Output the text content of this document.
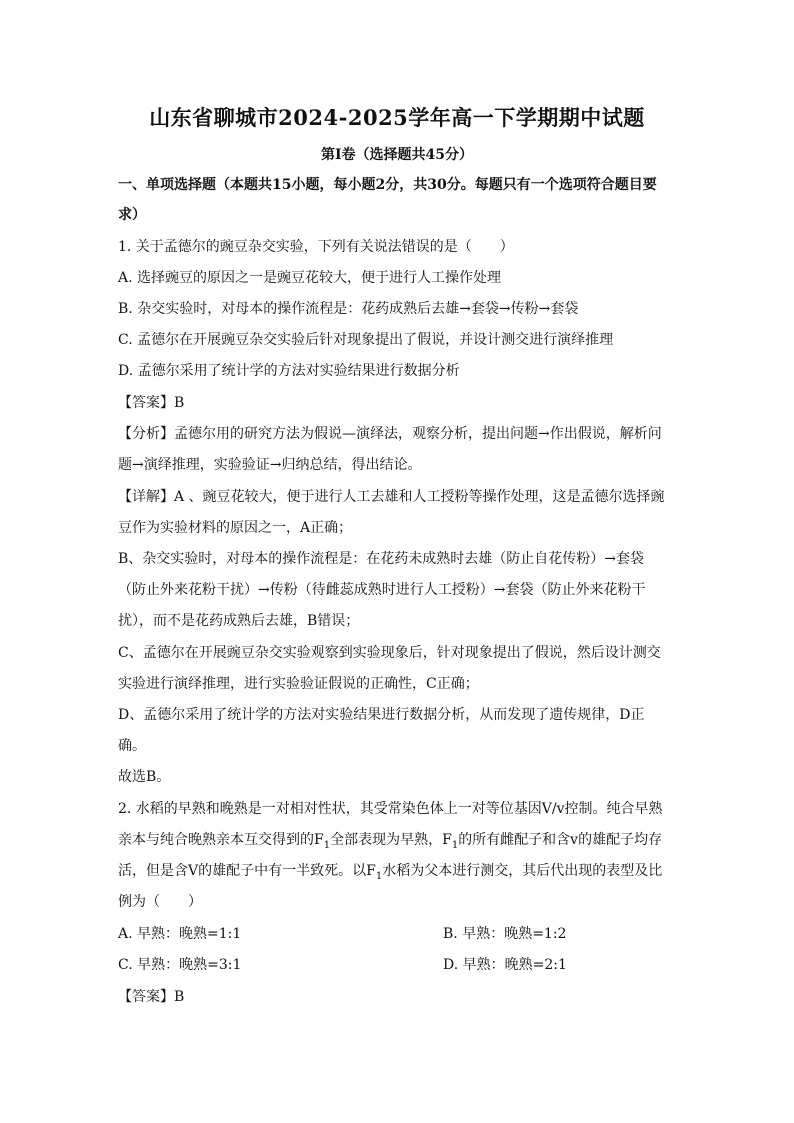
山东省聊城市2024-2025学年高一下学期期中试题
第Ⅰ卷（选择题共45分）
一、单项选择题（本题共15小题，每小题2分，共30分。每题只有一个选项符合题目要
求）
1. 关于孟德尔的豌豆杂交实验，下列有关说法错误的是（　　）
A. 选择豌豆的原因之一是豌豆花较大，便于进行人工操作处理
B. 杂交实验时，对母本的操作流程是：花药成熟后去雄→套袋→传粉→套袋
C. 孟德尔在开展豌豆杂交实验后针对现象提出了假说，并设计测交进行演绎推理
D. 孟德尔采用了统计学的方法对实验结果进行数据分析
【答案】B
【分析】孟德尔用的研究方法为假说—演绎法，观察分析，提出问题→作出假说，解析问
题→演绎推理，实验验证→归纳总结，得出结论。
【详解】A 、豌豆花较大，便于进行人工去雄和人工授粉等操作处理，这是孟德尔选择豌
豆作为实验材料的原因之一，A正确；
B、杂交实验时，对母本的操作流程是：在花药未成熟时去雄（防止自花传粉）→套袋
（防止外来花粉干扰）→传粉（待雌蕊成熟时进行人工授粉）→套袋（防止外来花粉干
扰），而不是花药成熟后去雄，B错误；
C、孟德尔在开展豌豆杂交实验观察到实验现象后，针对现象提出了假说，然后设计测交
实验进行演绎推理，进行实验验证假说的正确性，C正确；
D、孟德尔采用了统计学的方法对实验结果进行数据分析，从而发现了遗传规律，D正
确。
故选B。
2. 水稻的早熟和晚熟是一对相对性状，其受常染色体上一对等位基因V/v控制。纯合早熟
亲本与纯合晚熟亲本互交得到的$F_1$全部表现为早熟，$F_1$的所有雌配子和含v的雄配子均存
活，但是含V的雄配子中有一半致死。以$F_1$水稻为父本进行测交，其后代出现的表型及比
例为（　　）
A. 早熟：晚熟=1:1	B. 早熟：晚熟=1:2
C. 早熟：晚熟=3:1	D. 早熟：晚熟=2:1
【答案】B
